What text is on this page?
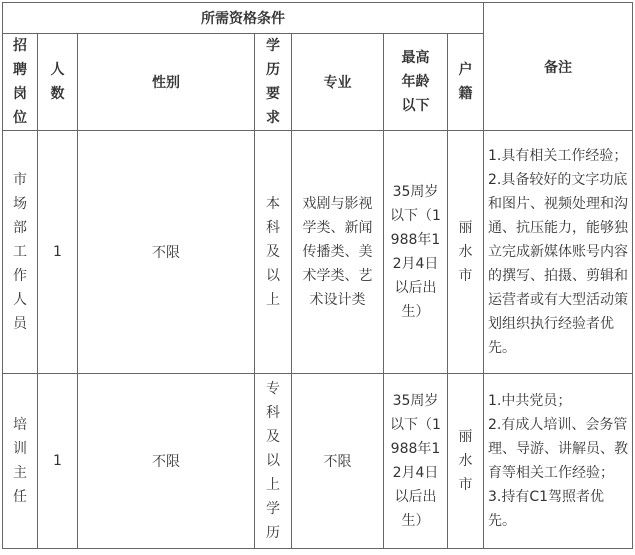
所需资格条件							备注

招聘岗位	人数	性别	学历要求	专业	最高年龄以下	户籍	

市场部工作人员	1	不限	本科及以上	戏剧与影视学类、新闻传播类、美术学类、艺术设计类	35周岁以下（1988年12月4日以后出生）	丽水市	1.具有相关工作经验；
2.具备较好的文字功底和图片、视频处理和沟通、抗压能力，能够独立完成新媒体账号内容的撰写、拍摄、剪辑和运营者或有大型活动策划组织执行经验者优先。

培训主任	1	不限	专科及以上学历	不限	35周岁以下（1988年12月4日以后出生）	丽水市	1.中共党员；
2.有成人培训、会务管理、导游、讲解员、教育等相关工作经验；
3.持有C1驾照者优先。
